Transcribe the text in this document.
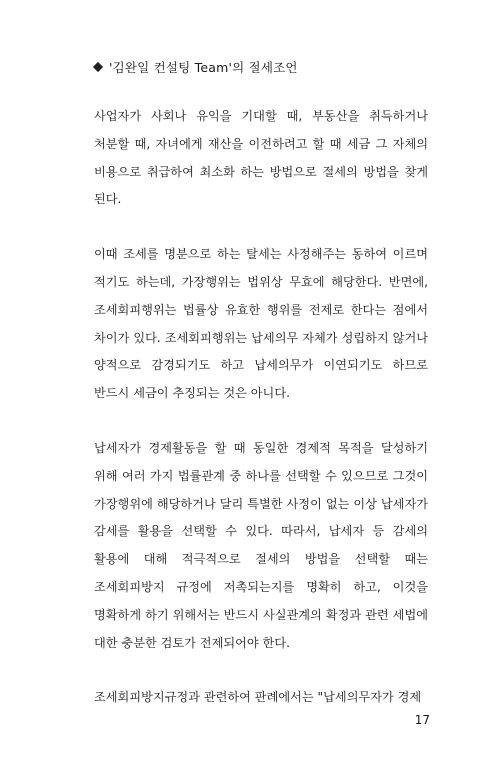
'김완일 컨설팅 Team'의 절세조언

사업자가 사회나 유익을 기대할 때, 부동산을 취득하거나 처분할 때, 자녀에게 재산을 이전하려고 할 때 세금 그 자체의 비용으로 취급하여 최소화 하는 방법으로 절세의 방법을 찾게 된다.

이때 조세를 명분으로 하는 탈세는 사정해주는 동하여 이르며 적기도 하는데, 가장행위는 법위상 무효에 해당한다. 반면에, 조세회피행위는 법률상 유효한 행위를 전제로 한다는 점에서 차이가 있다. 조세회피행위는 납세의무 자체가 성립하지 않거나 양적으로 감경되기도 하고 납세의무가 이연되기도 하므로 반드시 세금이 추징되는 것은 아니다.

납세자가 경제활동을 할 때 동일한 경제적 목적을 달성하기 위해 여러 가지 법률관계 중 하나를 선택할 수 있으므로 그것이 가장행위에 해당하거나 달리 특별한 사정이 없는 이상 납세자가 감세를 활용을 선택할 수 있다. 따라서, 납세자 등 감세의 활용에 대해 적극적으로 절세의 방법을 선택할 때는 조세회피방지 규정에 저촉되는지를 명확히 하고, 이것을 명확하게 하기 위해서는 반드시 사실관계의 확정과 관련 세법에 대한 충분한 검토가 전제되어야 한다.

조세회피방지규정과 관련하여 판례에서는 "납세의무자가 경제

17
